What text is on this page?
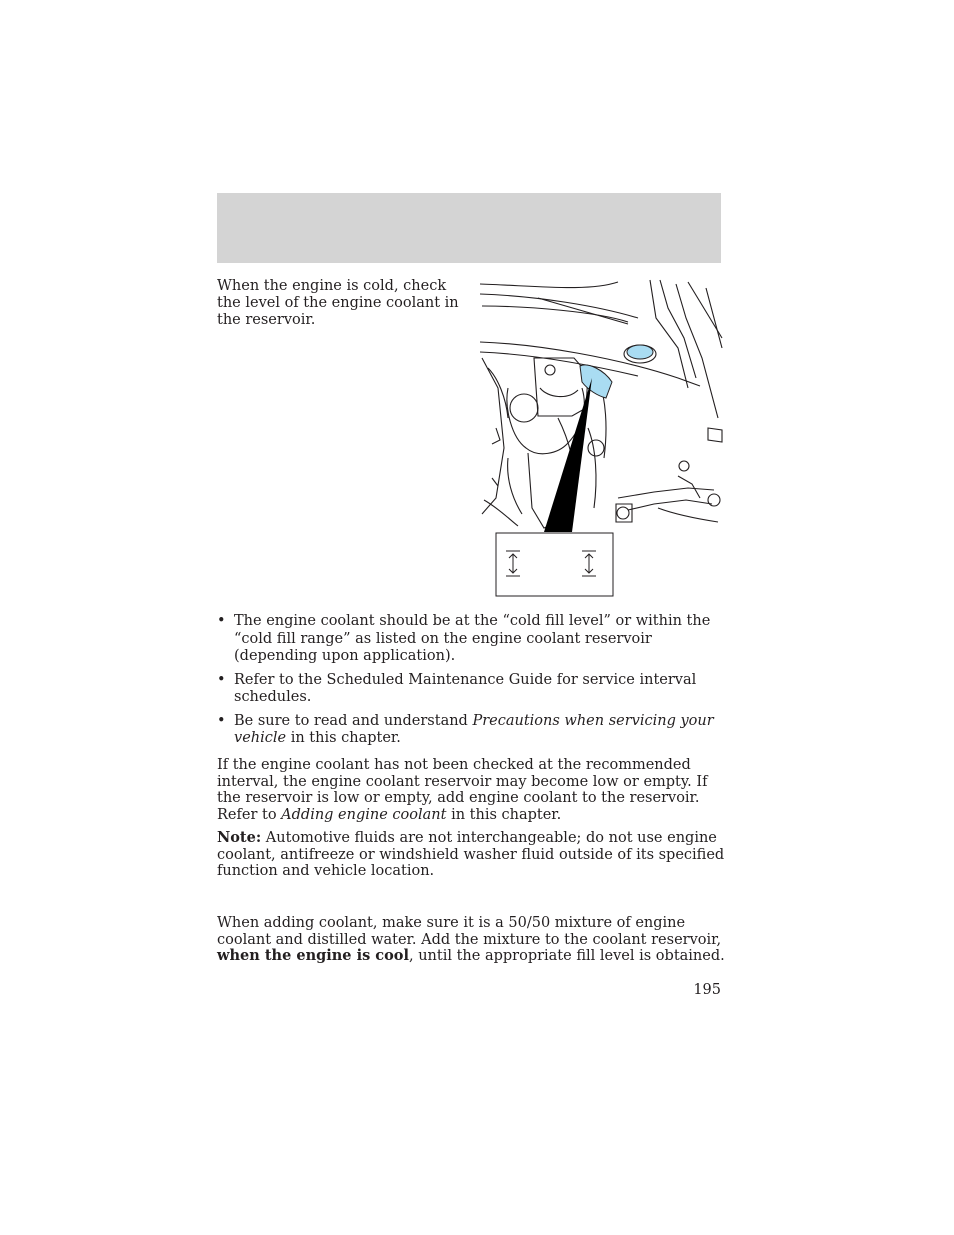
When the engine is cold, check the level of the engine coolant in the reservoir.

• The engine coolant should be at the “cold fill level” or within the “cold fill range” as listed on the engine coolant reservoir (depending upon application).
• Refer to the Scheduled Maintenance Guide for service interval schedules.
• Be sure to read and understand Precautions when servicing your vehicle in this chapter.

If the engine coolant has not been checked at the recommended interval, the engine coolant reservoir may become low or empty. If the reservoir is low or empty, add engine coolant to the reservoir. Refer to Adding engine coolant in this chapter.

Note: Automotive fluids are not interchangeable; do not use engine coolant, antifreeze or windshield washer fluid outside of its specified function and vehicle location.

When adding coolant, make sure it is a 50/50 mixture of engine coolant and distilled water. Add the mixture to the coolant reservoir, when the engine is cool, until the appropriate fill level is obtained.

195
